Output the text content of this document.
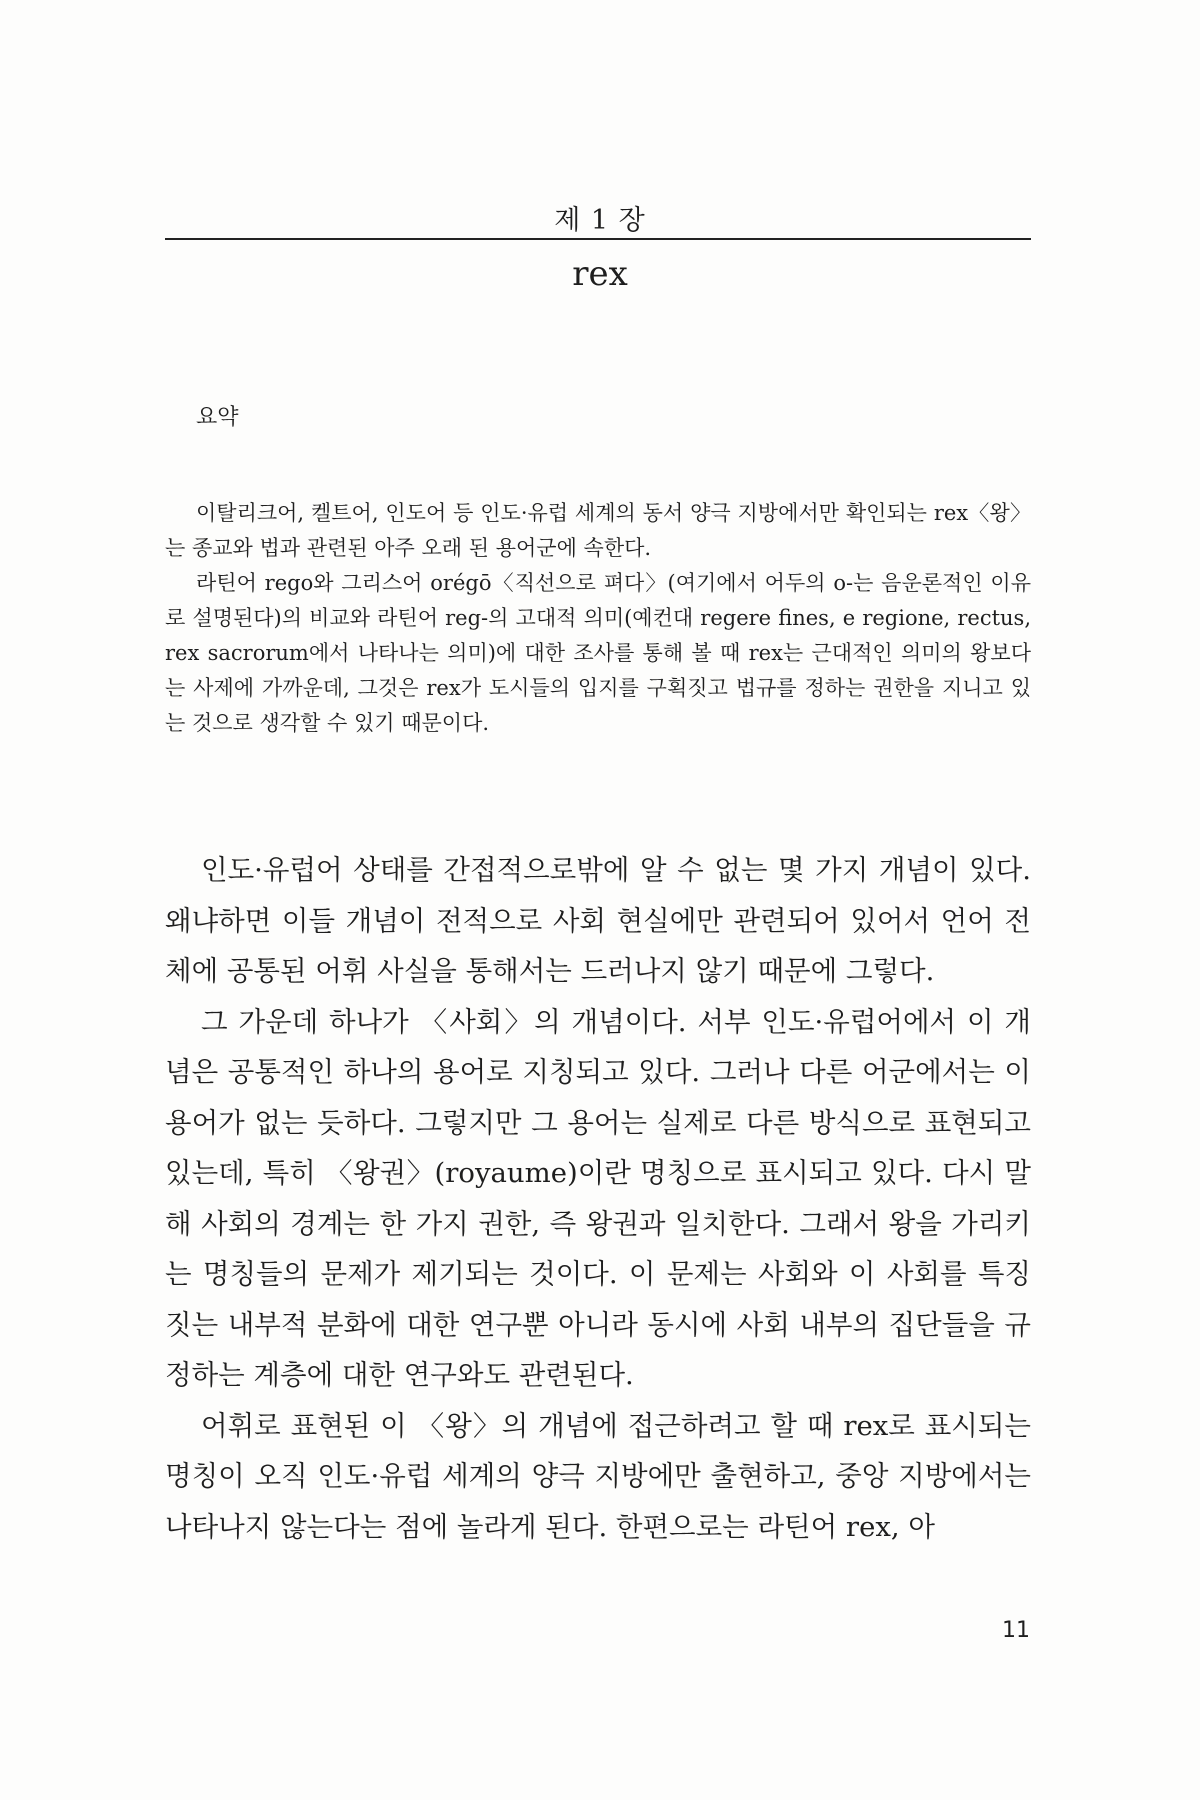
제 1 장
rex
요약

이탈리크어, 켈트어, 인도어 등 인도·유럽 세계의 동서 양극 지방에서만 확인되는 rex〈왕〉는 종교와 법과 관련된 아주 오래 된 용어군에 속한다.

라틴어 rego와 그리스어 orégō〈직선으로 펴다〉(여기에서 어두의 o-는 음운론적인 이유로 설명된다)의 비교와 라틴어 reg-의 고대적 의미(예컨대 regere fines, e regione, rectus, rex sacrorum에서 나타나는 의미)에 대한 조사를 통해 볼 때 rex는 근대적인 의미의 왕보다는 사제에 가까운데, 그것은 rex가 도시들의 입지를 구획짓고 법규를 정하는 권한을 지니고 있는 것으로 생각할 수 있기 때문이다.

인도·유럽어 상태를 간접적으로밖에 알 수 없는 몇 가지 개념이 있다. 왜냐하면 이들 개념이 전적으로 사회 현실에만 관련되어 있어서 언어 전체에 공통된 어휘 사실을 통해서는 드러나지 않기 때문에 그렇다.

그 가운데 하나가 〈사회〉의 개념이다. 서부 인도·유럽어에서 이 개념은 공통적인 하나의 용어로 지칭되고 있다. 그러나 다른 어군에서는 이 용어가 없는 듯하다. 그렇지만 그 용어는 실제로 다른 방식으로 표현되고 있는데, 특히 〈왕권〉(royaume)이란 명칭으로 표시되고 있다. 다시 말해 사회의 경계는 한 가지 권한, 즉 왕권과 일치한다. 그래서 왕을 가리키는 명칭들의 문제가 제기되는 것이다. 이 문제는 사회와 이 사회를 특징짓는 내부적 분화에 대한 연구뿐 아니라 동시에 사회 내부의 집단들을 규정하는 계층에 대한 연구와도 관련된다.

어휘로 표현된 이 〈왕〉의 개념에 접근하려고 할 때 rex로 표시되는 명칭이 오직 인도·유럽 세계의 양극 지방에만 출현하고, 중앙 지방에서는 나타나지 않는다는 점에 놀라게 된다. 한편으로는 라틴어 rex, 아

11
